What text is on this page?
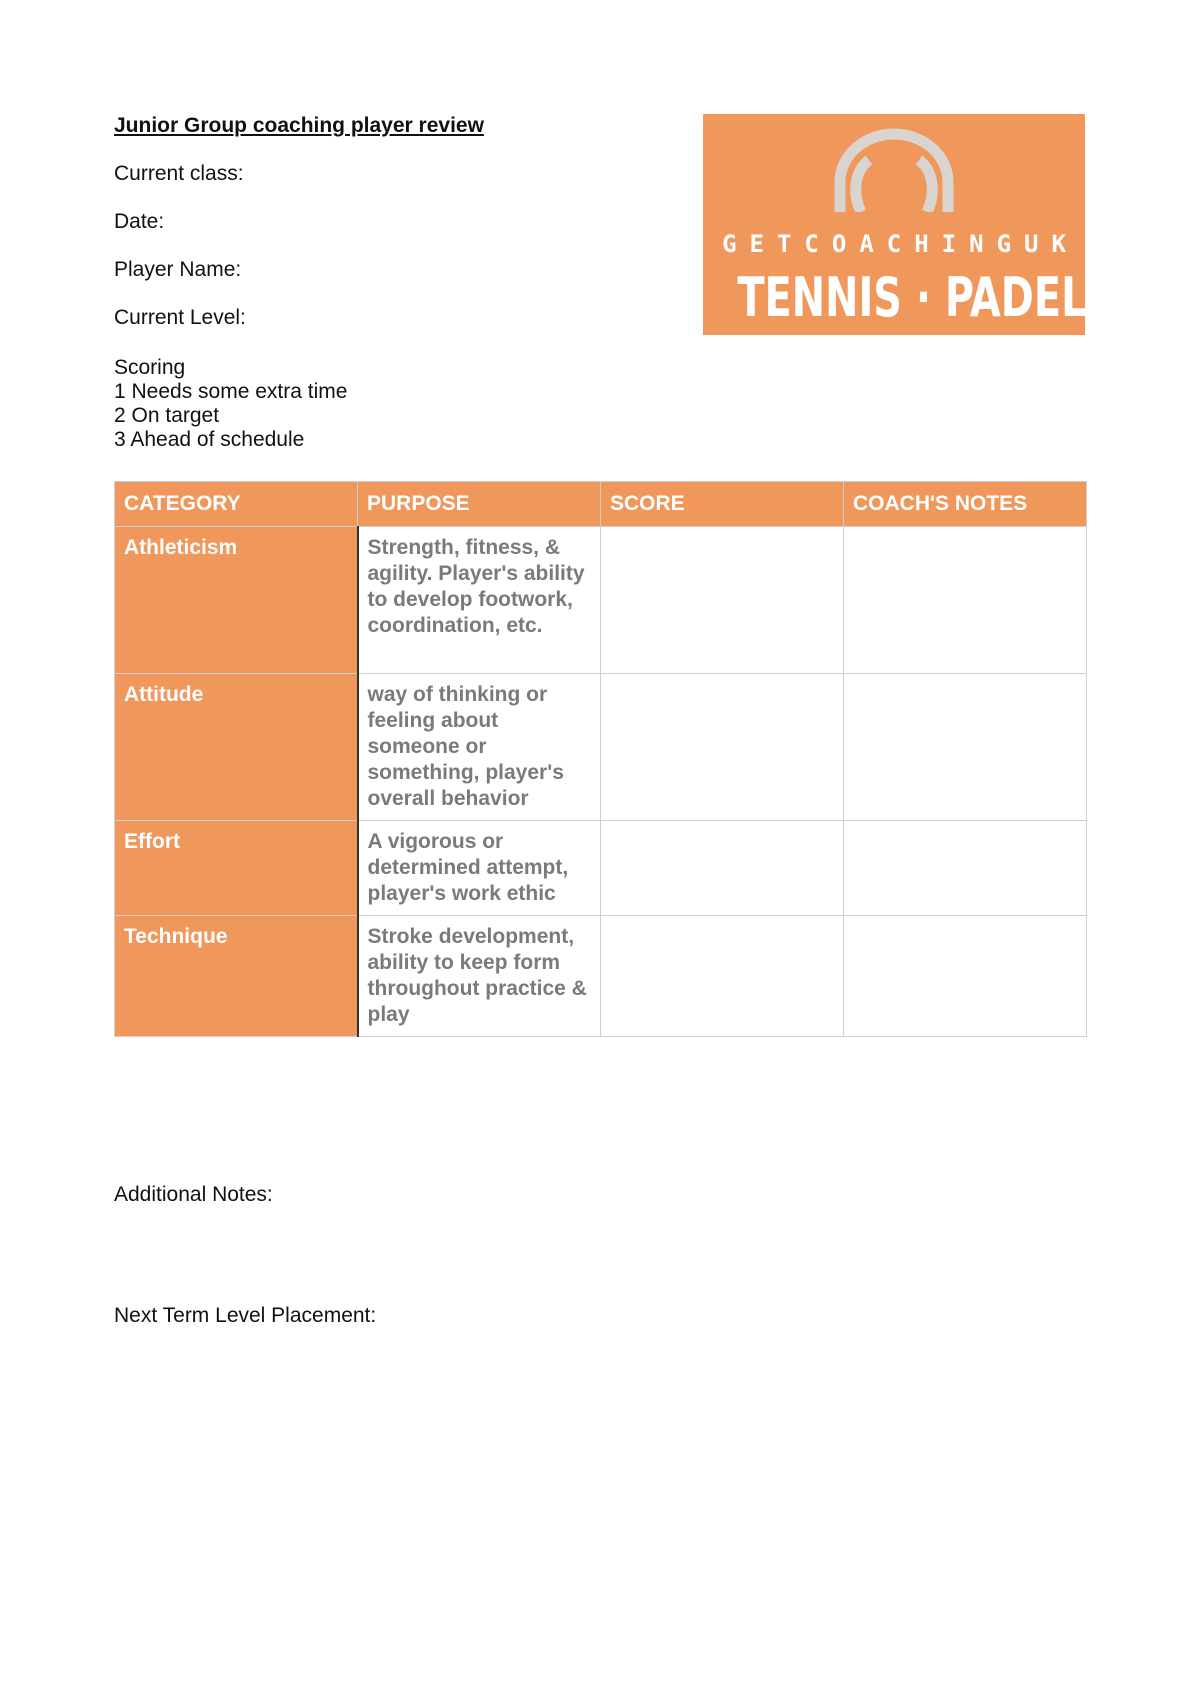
Junior Group coaching player review
Current class:
Date:
Player Name:
Current Level:
Scoring
1 Needs some extra time
2 On target
3 Ahead of schedule
GETCOACHINGUK
TENNIS · PADEL
CATEGORY	PURPOSE	SCORE	COACH'S NOTES
Athleticism	Strength, fitness, & agility. Player's ability to develop footwork, coordination, etc.		
Attitude	way of thinking or feeling about someone or something, player's overall behavior		
Effort	A vigorous or determined attempt, player's work ethic		
Technique	Stroke development, ability to keep form throughout practice & play		
Additional Notes:
Next Term Level Placement:
